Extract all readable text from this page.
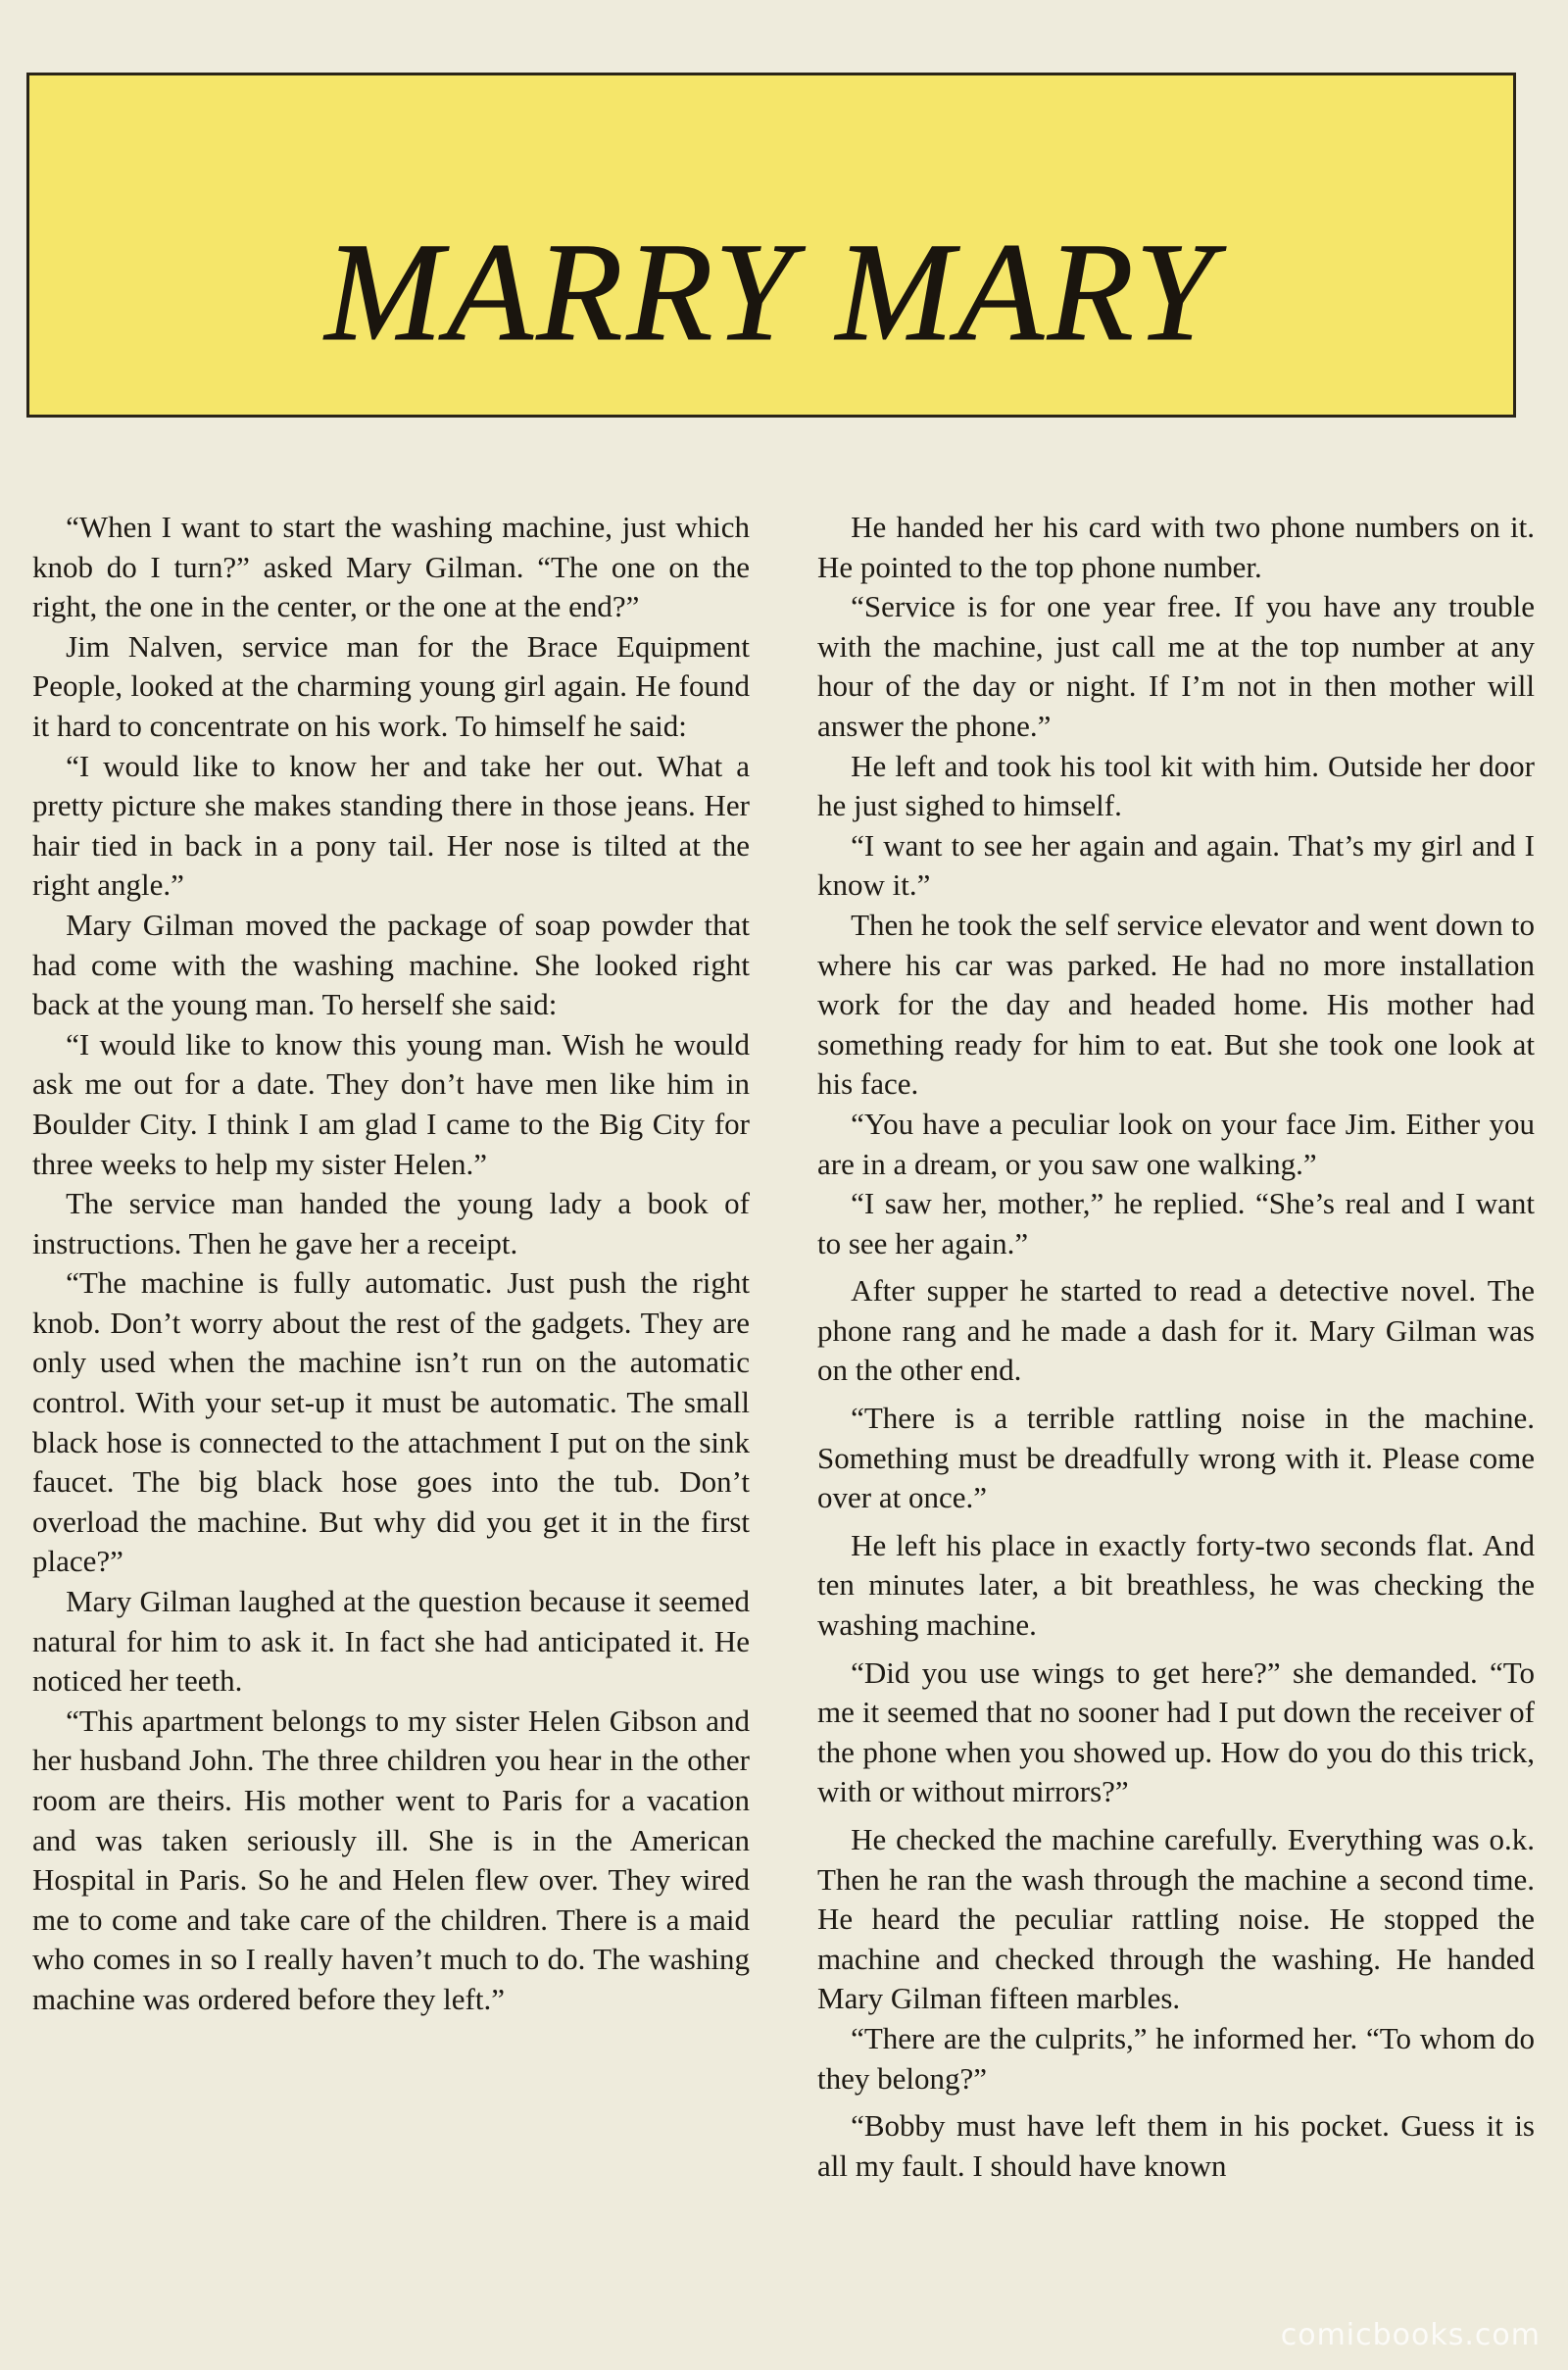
MARRY MARY

“When I want to start the washing machine, just which knob do I turn?” asked Mary Gilman. “The one on the right, the one in the center, or the one at the end?”

Jim Nalven, service man for the Brace Equipment People, looked at the charming young girl again. He found it hard to concentrate on his work. To himself he said:

“I would like to know her and take her out. What a pretty picture she makes standing there in those jeans. Her hair tied in back in a pony tail. Her nose is tilted at the right angle.”

Mary Gilman moved the package of soap powder that had come with the washing machine. She looked right back at the young man. To herself she said:

“I would like to know this young man. Wish he would ask me out for a date. They don’t have men like him in Boulder City. I think I am glad I came to the Big City for three weeks to help my sister Helen.”

The service man handed the young lady a book of instructions. Then he gave her a receipt.

“The machine is fully automatic. Just push the right knob. Don’t worry about the rest of the gadgets. They are only used when the machine isn’t run on the automatic control. With your set-up it must be automatic. The small black hose is connected to the attachment I put on the sink faucet. The big black hose goes into the tub. Don’t overload the machine. But why did you get it in the first place?”

Mary Gilman laughed at the question because it seemed natural for him to ask it. In fact she had anticipated it. He noticed her teeth.

“This apartment belongs to my sister Helen Gibson and her husband John. The three children you hear in the other room are theirs. His mother went to Paris for a vacation and was taken seriously ill. She is in the American Hospital in Paris. So he and Helen flew over. They wired me to come and take care of the children. There is a maid who comes in so I really haven’t much to do. The washing machine was ordered before they left.”

He handed her his card with two phone numbers on it. He pointed to the top phone number.

“Service is for one year free. If you have any trouble with the machine, just call me at the top number at any hour of the day or night. If I’m not in then mother will answer the phone.”

He left and took his tool kit with him. Outside her door he just sighed to himself.

“I want to see her again and again. That’s my girl and I know it.”

Then he took the self service elevator and went down to where his car was parked. He had no more installation work for the day and headed home. His mother had something ready for him to eat. But she took one look at his face.

“You have a peculiar look on your face Jim. Either you are in a dream, or you saw one walking.”

“I saw her, mother,” he replied. “She’s real and I want to see her again.”

After supper he started to read a detective novel. The phone rang and he made a dash for it. Mary Gilman was on the other end.

“There is a terrible rattling noise in the machine. Something must be dreadfully wrong with it. Please come over at once.”

He left his place in exactly forty-two seconds flat. And ten minutes later, a bit breathless, he was checking the washing machine.

“Did you use wings to get here?” she demanded. “To me it seemed that no sooner had I put down the receiver of the phone when you showed up. How do you do this trick, with or without mirrors?”

He checked the machine carefully. Everything was o.k. Then he ran the wash through the machine a second time. He heard the peculiar rattling noise. He stopped the machine and checked through the washing. He handed Mary Gilman fifteen marbles.

“There are the culprits,” he informed her. “To whom do they belong?”

“Bobby must have left them in his pocket. Guess it is all my fault. I should have known

comicbooks.com
